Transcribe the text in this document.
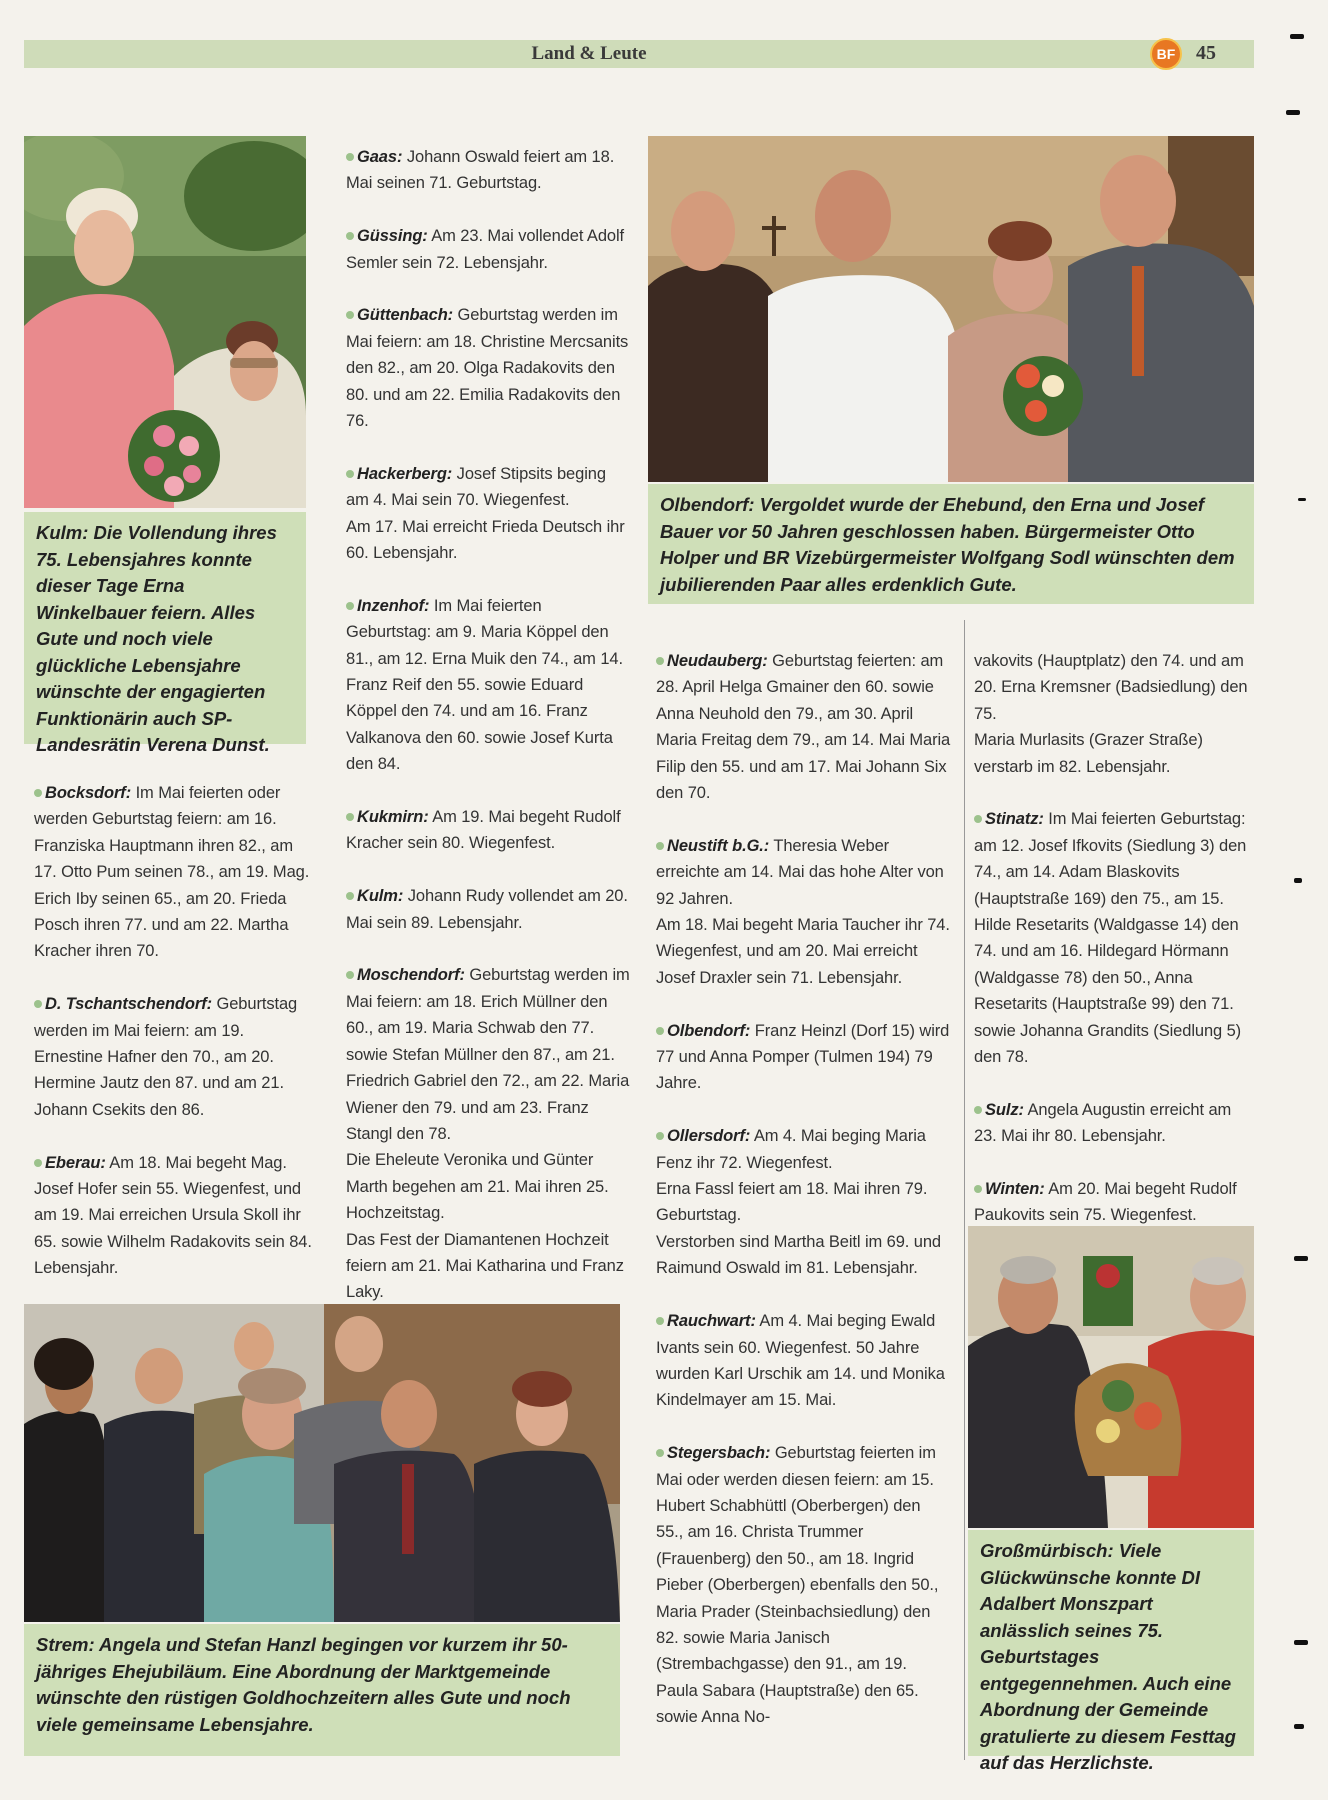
Land & Leute	BF	45
Kulm: Die Vollendung ihres 75. Lebensjahres konnte dieser Tage Erna Winkelbauer feiern. Alles Gute und noch viele glückliche Lebensjahre wünschte der engagierten Funktionärin auch SP-Landesrätin Verena Dunst.
Olbendorf: Vergoldet wurde der Ehebund, den Erna und Josef Bauer vor 50 Jahren geschlossen haben. Bürgermeister Otto Holper und BR Vizebürgermeister Wolfgang Sodl wünschten dem jubilierenden Paar alles erdenklich Gute.
Strem: Angela und Stefan Hanzl begingen vor kurzem ihr 50-jähriges Ehejubiläum. Eine Abordnung der Marktgemeinde wünschte den rüstigen Goldhochzeitern alles Gute und noch viele gemeinsame Lebensjahre.
Großmürbisch: Viele Glückwünsche konnte DI Adalbert Monszpart anlässlich seines 75. Geburtstages entgegennehmen. Auch eine Abordnung der Gemeinde gratulierte zu diesem Festtag auf das Herzlichste.
Bocksdorf: Im Mai feierten oder werden Geburtstag feiern: am 16. Franziska Hauptmann ihren 82., am 17. Otto Pum seinen 78., am 19. Mag. Erich Iby seinen 65., am 20. Frieda Posch ihren 77. und am 22. Martha Kracher ihren 70.
D. Tschantschendorf: Geburtstag werden im Mai feiern: am 19. Ernestine Hafner den 70., am 20. Hermine Jautz den 87. und am 21. Johann Csekits den 86.
Eberau: Am 18. Mai begeht Mag. Josef Hofer sein 55. Wiegenfest, und am 19. Mai erreichen Ursula Skoll ihr 65. sowie Wilhelm Radakovits sein 84. Lebensjahr.
Gaas: Johann Oswald feiert am 18. Mai seinen 71. Geburtstag.
Güssing: Am 23. Mai vollendet Adolf Semler sein 72. Lebensjahr.
Güttenbach: Geburtstag werden im Mai feiern: am 18. Christine Mercsanits den 82., am 20. Olga Radakovits den 80. und am 22. Emilia Radakovits den 76.
Hackerberg: Josef Stipsits beging am 4. Mai sein 70. Wiegenfest.

Am 17. Mai erreicht Frieda Deutsch ihr 60. Lebensjahr.

Inzenhof: Im Mai feierten Geburtstag: am 9. Maria Köppel den 81., am 12. Erna Muik den 74., am 14. Franz Reif den 55. sowie Eduard Köppel den 74. und am 16. Franz Valkanova den 60. sowie Josef Kurta den 84.
Kukmirn: Am 19. Mai begeht Rudolf Kracher sein 80. Wiegenfest.
Kulm: Johann Rudy vollendet am 20. Mai sein 89. Lebensjahr.
Moschendorf: Geburtstag werden im Mai feiern: am 18. Erich Müllner den 60., am 19. Maria Schwab den 77. sowie Stefan Müllner den 87., am 21. Friedrich Gabriel den 72., am 22. Maria Wiener den 79. und am 23. Franz Stangl den 78.

Die Eheleute Veronika und Günter Marth begehen am 21. Mai ihren 25. Hochzeitstag.

Das Fest der Diamantenen Hochzeit feiern am 21. Mai Katharina und Franz Laky.

Neudauberg: Geburtstag feierten: am 28. April Helga Gmainer den 60. sowie Anna Neuhold den 79., am 30. April Maria Freitag dem 79., am 14. Mai Maria Filip den 55. und am 17. Mai Johann Six den 70.
Neustift b.G.: Theresia Weber erreichte am 14. Mai das hohe Alter von 92 Jahren.

Am 18. Mai begeht Maria Taucher ihr 74. Wiegenfest, und am 20. Mai erreicht Josef Draxler sein 71. Lebensjahr.

Olbendorf: Franz Heinzl (Dorf 15) wird 77 und Anna Pomper (Tulmen 194) 79 Jahre.
Ollersdorf: Am 4. Mai beging Maria Fenz ihr 72. Wiegenfest.

Erna Fassl feiert am 18. Mai ihren 79. Geburtstag.

Verstorben sind Martha Beitl im 69. und Raimund Oswald im 81. Lebensjahr.

Rauchwart: Am 4. Mai beging Ewald Ivants sein 60. Wiegenfest. 50 Jahre wurden Karl Urschik am 14. und Monika Kindelmayer am 15. Mai.
Stegersbach: Geburtstag feierten im Mai oder werden diesen feiern: am 15. Hubert Schabhüttl (Oberbergen) den 55., am 16. Christa Trummer (Frauenberg) den 50., am 18. Ingrid Pieber (Oberbergen) ebenfalls den 50., Maria Prader (Steinbachsiedlung) den 82. sowie Maria Janisch (Strembachgasse) den 91., am 19. Paula Sabara (Hauptstraße) den 65. sowie Anna No-
vakovits (Hauptplatz) den 74. und am 20. Erna Kremsner (Badsiedlung) den 75.

Maria Murlasits (Grazer Straße) verstarb im 82. Lebensjahr.

Stinatz: Im Mai feierten Geburtstag: am 12. Josef Ifkovits (Siedlung 3) den 74., am 14. Adam Blaskovits (Hauptstraße 169) den 75., am 15. Hilde Resetarits (Waldgasse 14) den 74. und am 16. Hildegard Hörmann (Waldgasse 78) den 50., Anna Resetarits (Hauptstraße 99) den 71. sowie Johanna Grandits (Siedlung 5) den 78.
Sulz: Angela Augustin erreicht am 23. Mai ihr 80. Lebensjahr.
Winten: Am 20. Mai begeht Rudolf Paukovits sein 75. Wiegenfest.
